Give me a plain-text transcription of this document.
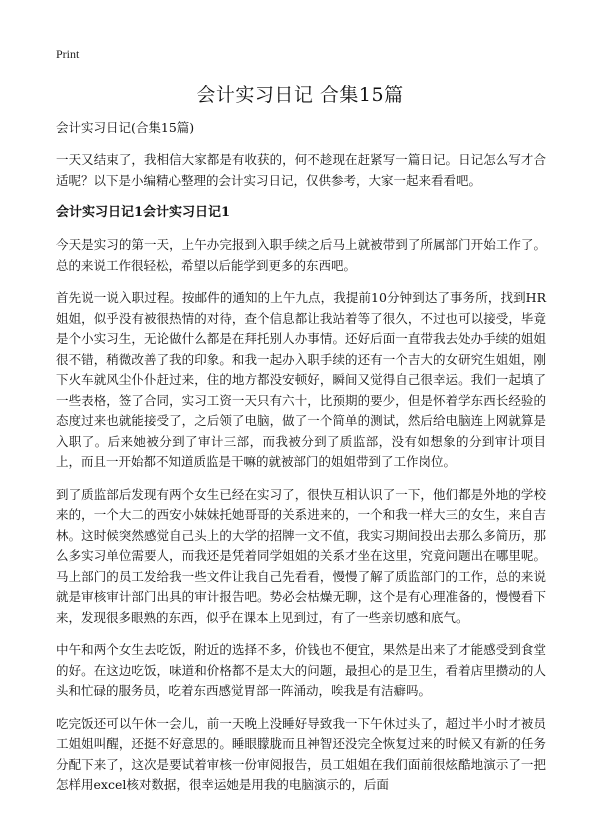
Print
会计实习日记 合集15篇

会计实习日记(合集15篇)

一天又结束了，我相信大家都是有收获的，何不趁现在赶紧写一篇日记。日记怎么写才合适呢？以下是小编精心整理的会计实习日记，仅供参考，大家一起来看看吧。

会计实习日记1会计实习日记1

今天是实习的第一天，上午办完报到入职手续之后马上就被带到了所属部门开始工作了。总的来说工作很轻松，希望以后能学到更多的东西吧。

首先说一说入职过程。按邮件的通知的上午九点，我提前10分钟到达了事务所，找到HR姐姐，似乎没有被很热情的对待，查个信息都让我站着等了很久，不过也可以接受，毕竟是个小实习生，无论做什么都是在拜托别人办事情。还好后面一直带我去处办手续的姐姐很不错，稍微改善了我的印象。和我一起办入职手续的还有一个吉大的女研究生姐姐，刚下火车就风尘仆仆赶过来，住的地方都没安顿好，瞬间又觉得自己很幸运。我们一起填了一些表格，签了合同，实习工资一天只有六十，比预期的要少，但是怀着学东西长经验的态度过来也就能接受了，之后领了电脑，做了一个简单的测试，然后给电脑连上网就算是入职了。后来她被分到了审计三部，而我被分到了质监部，没有如想象的分到审计项目上，而且一开始都不知道质监是干嘛的就被部门的姐姐带到了工作岗位。

到了质监部后发现有两个女生已经在实习了，很快互相认识了一下，他们都是外地的学校来的，一个大二的西安小妹妹托她哥哥的关系进来的，一个和我一样大三的女生，来自吉林。这时候突然感觉自己头上的大学的招牌一文不值，我实习期间投出去那么多简历，那么多实习单位需要人，而我还是凭着同学姐姐的关系才坐在这里，究竟问题出在哪里呢。马上部门的员工发给我一些文件让我自己先看看，慢慢了解了质监部门的工作，总的来说就是审核审计部门出具的审计报告吧。势必会枯燥无聊，这个是有心理准备的，慢慢看下来，发现很多眼熟的东西，似乎在课本上见到过，有了一些亲切感和底气。

中午和两个女生去吃饭，附近的选择不多，价钱也不便宜，果然是出来了才能感受到食堂的好。在这边吃饭，味道和价格都不是太大的问题，最担心的是卫生，看着店里攒动的人头和忙碌的服务员，吃着东西感觉胃部一阵涌动，唉我是有洁癖吗。

吃完饭还可以午休一会儿，前一天晚上没睡好导致我一下午休过头了，超过半小时才被员工姐姐叫醒，还挺不好意思的。睡眼朦胧而且神智还没完全恢复过来的时候又有新的任务分配下来了，这次是要试着审核一份审阅报告，员工姐姐在我们面前很炫酷地演示了一把怎样用excel核对数据，很幸运她是用我的电脑演示的，后面
